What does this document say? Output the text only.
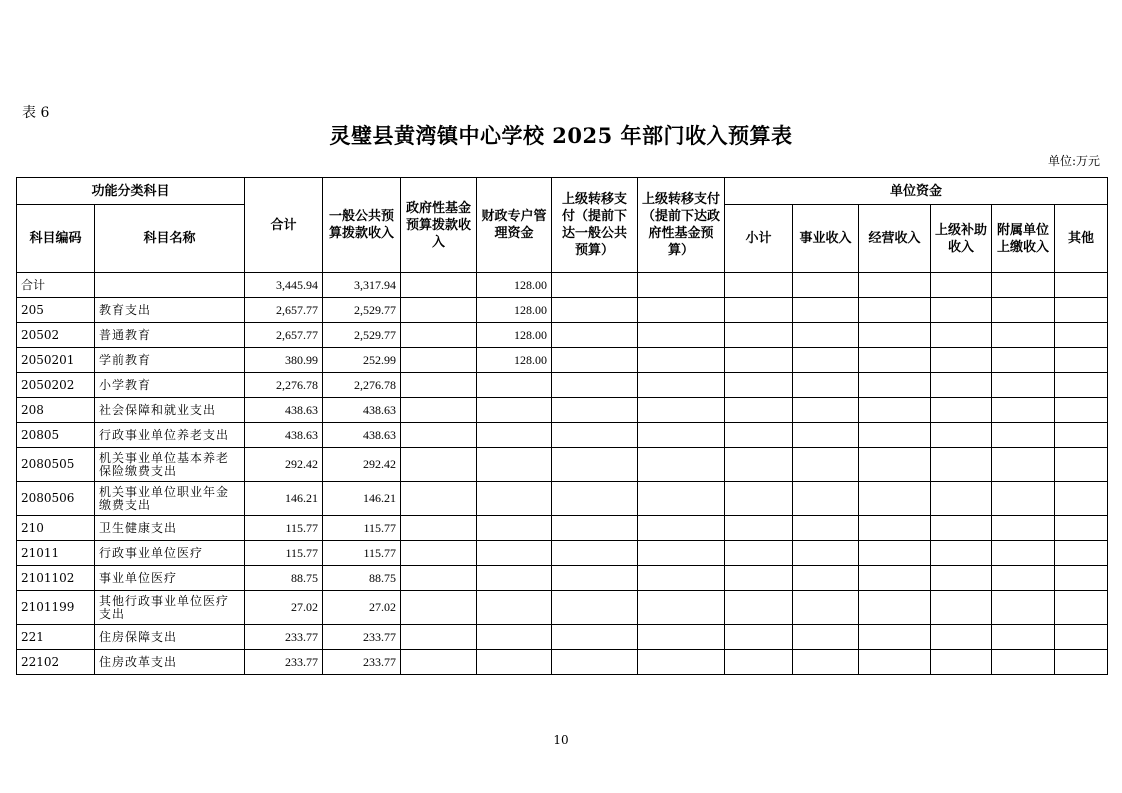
表 6
灵璧县黄湾镇中心学校 2025 年部门收入预算表
单位:万元
功能分类科目		合计	一般公共预算拨款收入	政府性基金预算拨款收入	财政专户管理资金	上级转移支付（提前下达一般公共预算）	上级转移支付（提前下达政府性基金预算）	单位资金					
科目编码	科目名称							小计	事业收入	经营收入	上级补助收入	附属单位上缴收入	其他
合计		3,445.94	3,317.94		128.00								
205	教育支出	2,657.77	2,529.77		128.00								
20502	普通教育	2,657.77	2,529.77		128.00								
2050201	学前教育	380.99	252.99		128.00								
2050202	小学教育	2,276.78	2,276.78										
208	社会保障和就业支出	438.63	438.63										
20805	行政事业单位养老支出	438.63	438.63										
2080505	机关事业单位基本养老保险缴费支出	292.42	292.42										
2080506	机关事业单位职业年金缴费支出	146.21	146.21										
210	卫生健康支出	115.77	115.77										
21011	行政事业单位医疗	115.77	115.77										
2101102	事业单位医疗	88.75	88.75										
2101199	其他行政事业单位医疗支出	27.02	27.02										
221	住房保障支出	233.77	233.77										
22102	住房改革支出	233.77	233.77										
10
